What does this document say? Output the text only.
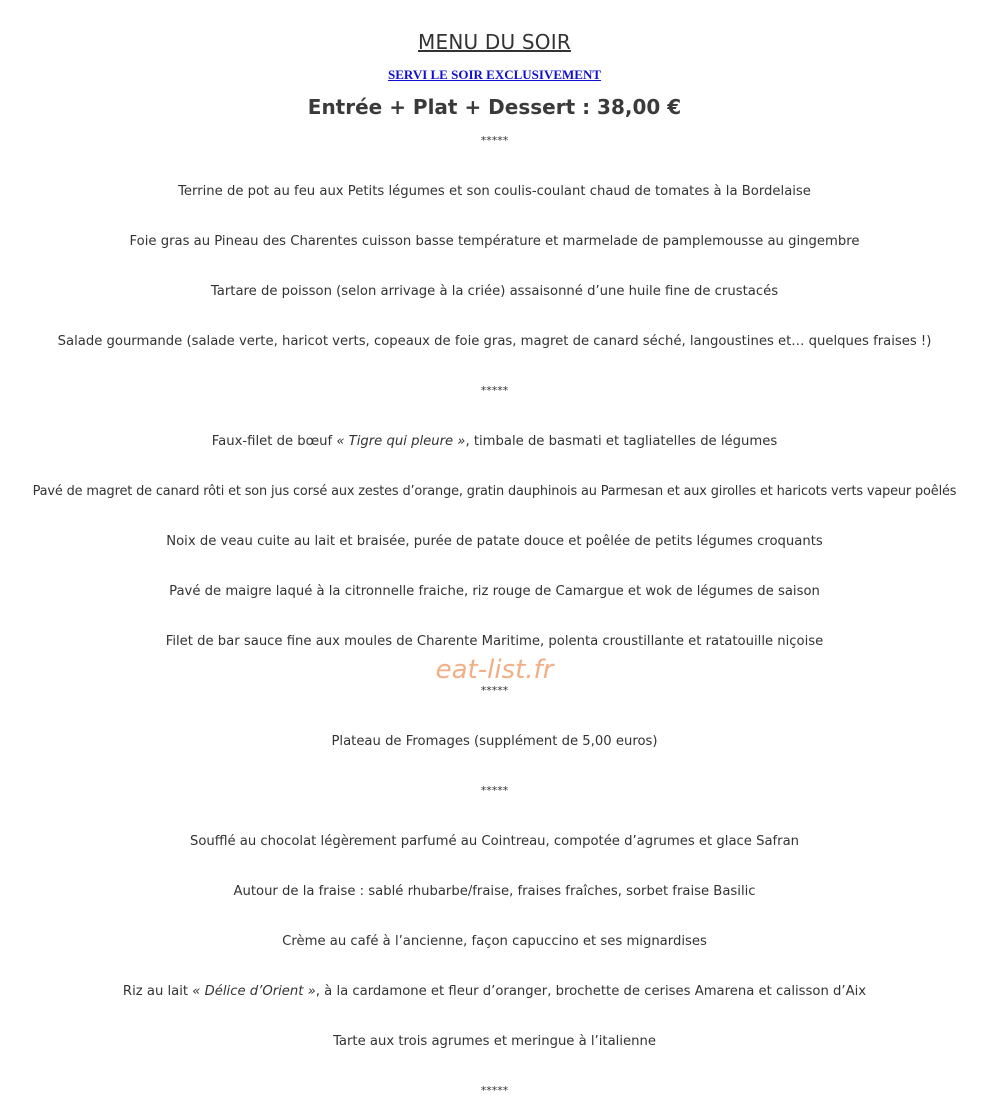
MENU DU SOIR
SERVI LE SOIR EXCLUSIVEMENT
Entrée + Plat + Dessert : 38,00 €
*****
Terrine de pot au feu aux Petits légumes et son coulis-coulant chaud de tomates à la Bordelaise
Foie gras au Pineau des Charentes cuisson basse température et marmelade de pamplemousse au gingembre
Tartare de poisson (selon arrivage à la criée) assaisonné d’une huile fine de crustacés
Salade gourmande (salade verte, haricot verts, copeaux de foie gras, magret de canard séché, langoustines et… quelques fraises !)
*****
Faux-filet de bœuf « Tigre qui pleure », timbale de basmati et tagliatelles de légumes
Pavé de magret de canard rôti et son jus corsé aux zestes d’orange, gratin dauphinois au Parmesan et aux girolles et haricots verts vapeur poêlés
Noix de veau cuite au lait et braisée, purée de patate douce et poêlée de petits légumes croquants
Pavé de maigre laqué à la citronnelle fraiche, riz rouge de Camargue et wok de légumes de saison
Filet de bar sauce fine aux moules de Charente Maritime, polenta croustillante et ratatouille niçoise
*****
Plateau de Fromages (supplément de 5,00 euros)
*****
Soufflé au chocolat légèrement parfumé au Cointreau, compotée d’agrumes et glace Safran
Autour de la fraise : sablé rhubarbe/fraise, fraises fraîches, sorbet fraise Basilic
Crème au café à l’ancienne, façon capuccino et ses mignardises
Riz au lait « Délice d’Orient », à la cardamone et fleur d’oranger, brochette de cerises Amarena et calisson d’Aix
Tarte aux trois agrumes et meringue à l’italienne
*****
eat-list.fr
